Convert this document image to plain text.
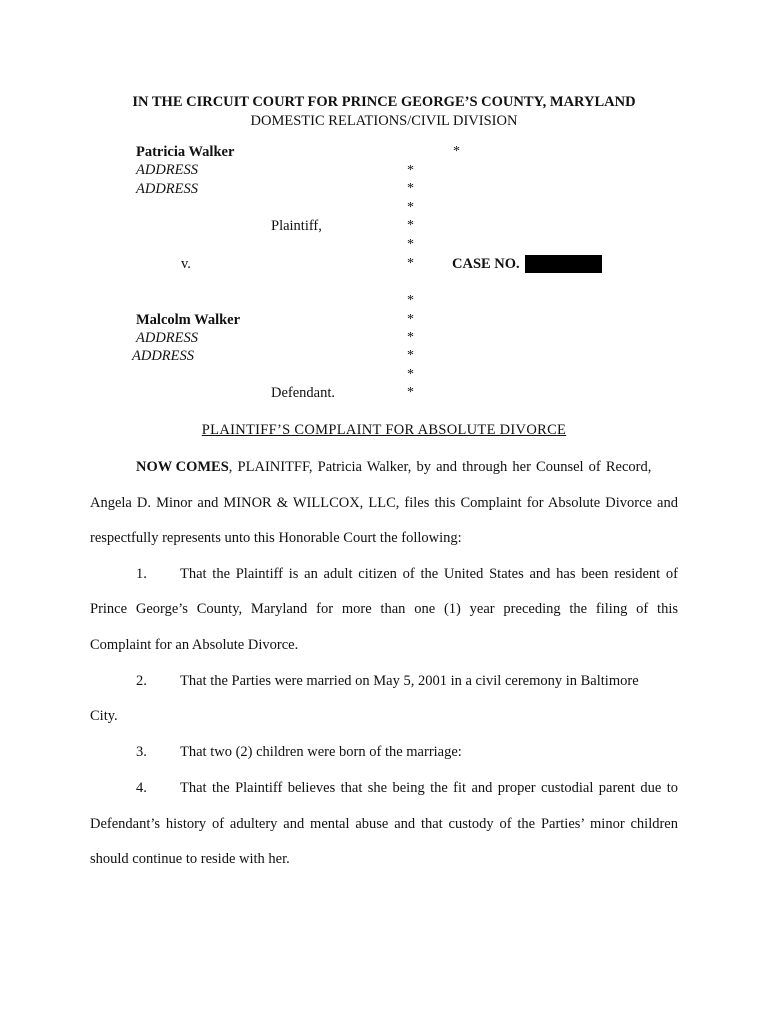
IN THE CIRCUIT COURT FOR PRINCE GEORGE’S COUNTY, MARYLAND
DOMESTIC RELATIONS/CIVIL DIVISION
Patricia Walker
ADDRESS
ADDRESS
Plaintiff,
v.
Malcolm Walker
ADDRESS
ADDRESS
Defendant.
*
*
*
*
*
*
*
*
*
*
*
*
*
CASE NO.
PLAINTIFF’S COMPLAINT FOR ABSOLUTE DIVORCE
NOW COMES, PLAINITFF, Patricia Walker, by and through her Counsel of Record,
Angela D. Minor and MINOR & WILLCOX, LLC, files this Complaint for Absolute Divorce and
respectfully represents unto this Honorable Court the following:
1. That the Plaintiff is an adult citizen of the United States and has been resident of
Prince George’s County, Maryland for more than one (1) year preceding the filing of this
Complaint for an Absolute Divorce.
2. That the Parties were married on May 5, 2001 in a civil ceremony in Baltimore
City.
3. That two (2) children were born of the marriage:
4. That the Plaintiff believes that she being the fit and proper custodial parent due to
Defendant’s history of adultery and mental abuse and that custody of the Parties’ minor children
should continue to reside with her.
